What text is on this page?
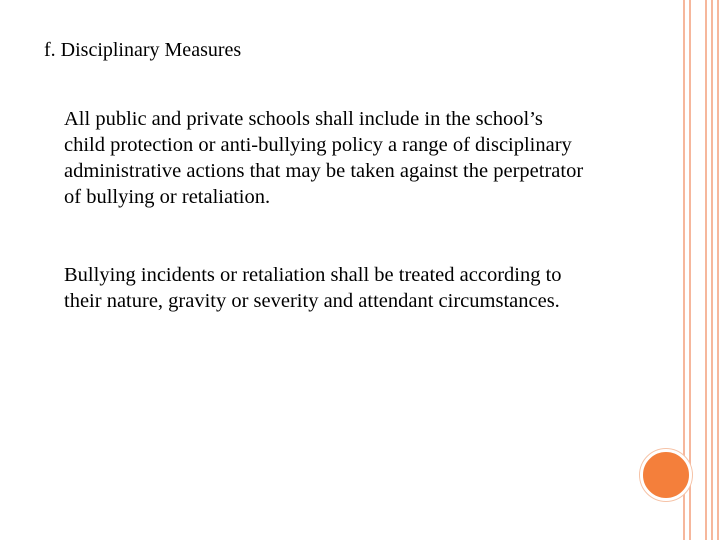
f. Disciplinary Measures
All public and private schools shall include in the school’s
child protection or anti-bullying policy a range of disciplinary
administrative actions that may be taken against the perpetrator
of bullying or retaliation.
Bullying incidents or retaliation shall be treated according to
their nature, gravity or severity and attendant circumstances.
